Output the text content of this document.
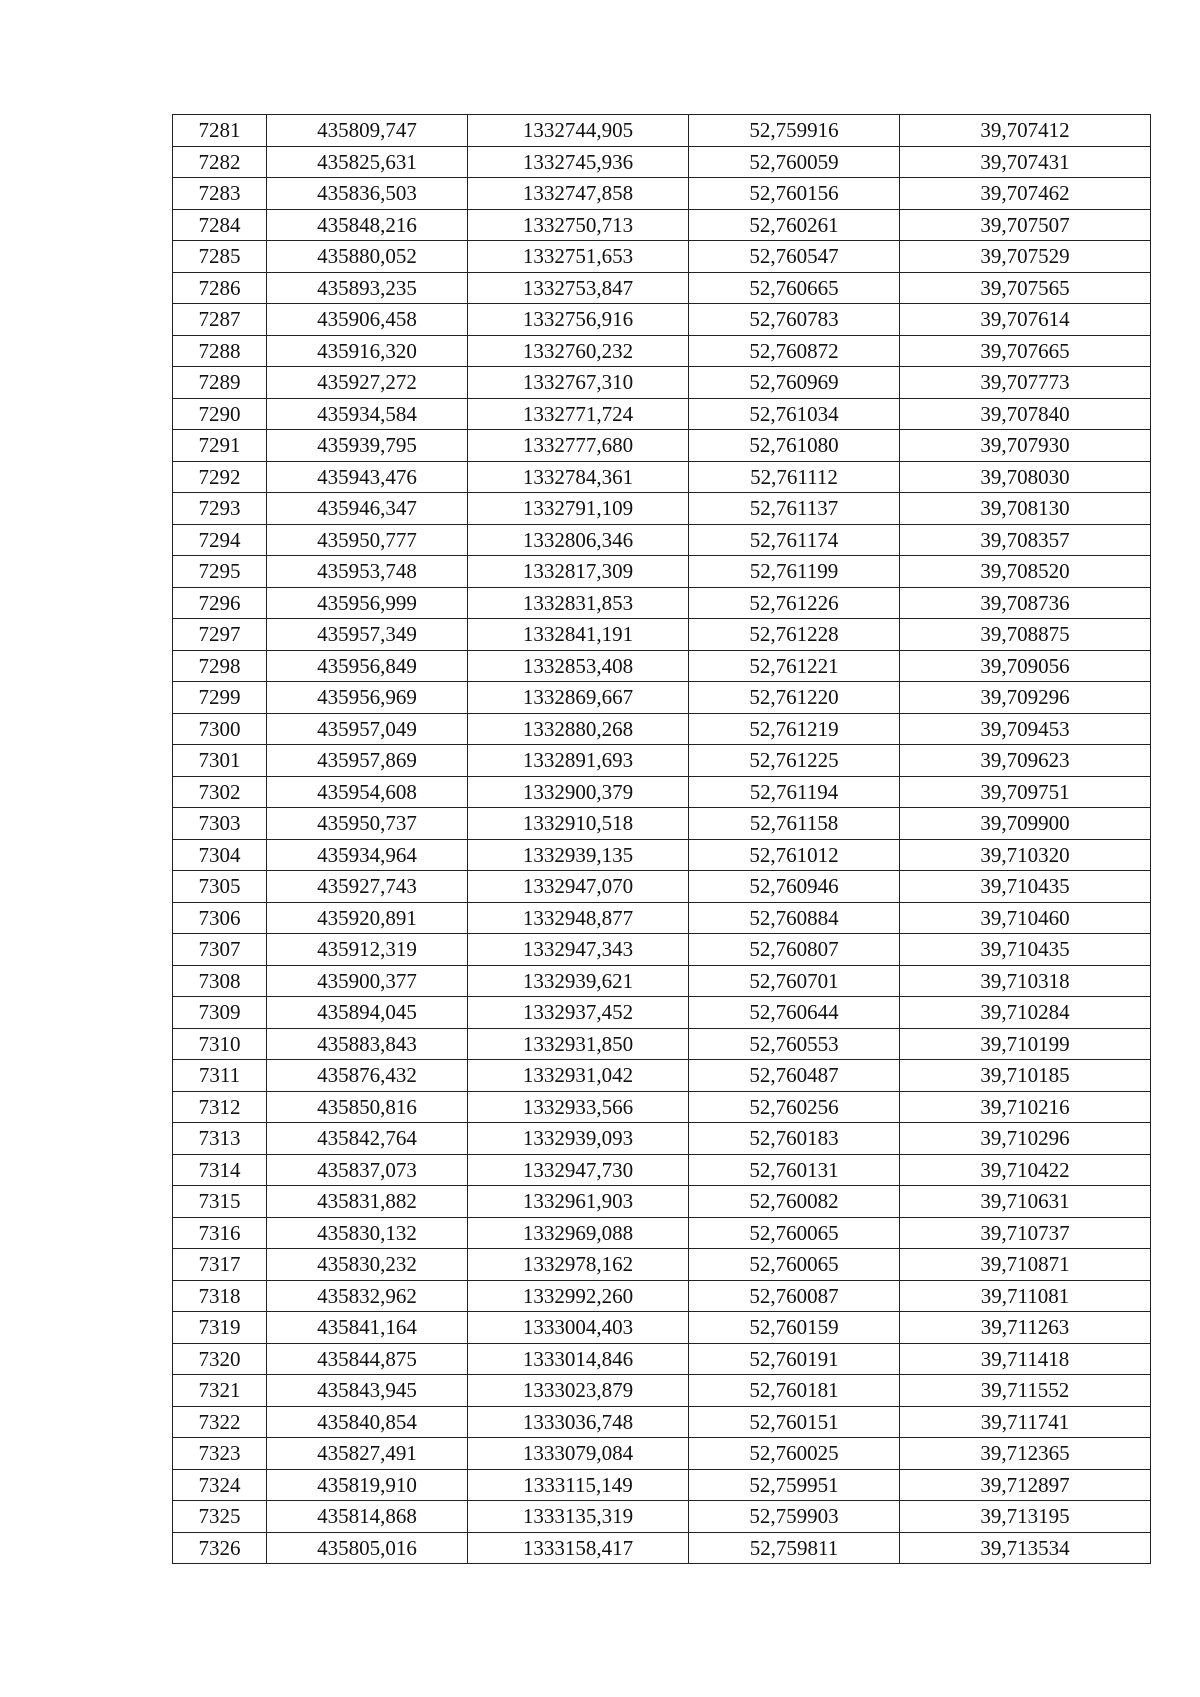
7281	435809,747	1332744,905	52,759916	39,707412
7282	435825,631	1332745,936	52,760059	39,707431
7283	435836,503	1332747,858	52,760156	39,707462
7284	435848,216	1332750,713	52,760261	39,707507
7285	435880,052	1332751,653	52,760547	39,707529
7286	435893,235	1332753,847	52,760665	39,707565
7287	435906,458	1332756,916	52,760783	39,707614
7288	435916,320	1332760,232	52,760872	39,707665
7289	435927,272	1332767,310	52,760969	39,707773
7290	435934,584	1332771,724	52,761034	39,707840
7291	435939,795	1332777,680	52,761080	39,707930
7292	435943,476	1332784,361	52,761112	39,708030
7293	435946,347	1332791,109	52,761137	39,708130
7294	435950,777	1332806,346	52,761174	39,708357
7295	435953,748	1332817,309	52,761199	39,708520
7296	435956,999	1332831,853	52,761226	39,708736
7297	435957,349	1332841,191	52,761228	39,708875
7298	435956,849	1332853,408	52,761221	39,709056
7299	435956,969	1332869,667	52,761220	39,709296
7300	435957,049	1332880,268	52,761219	39,709453
7301	435957,869	1332891,693	52,761225	39,709623
7302	435954,608	1332900,379	52,761194	39,709751
7303	435950,737	1332910,518	52,761158	39,709900
7304	435934,964	1332939,135	52,761012	39,710320
7305	435927,743	1332947,070	52,760946	39,710435
7306	435920,891	1332948,877	52,760884	39,710460
7307	435912,319	1332947,343	52,760807	39,710435
7308	435900,377	1332939,621	52,760701	39,710318
7309	435894,045	1332937,452	52,760644	39,710284
7310	435883,843	1332931,850	52,760553	39,710199
7311	435876,432	1332931,042	52,760487	39,710185
7312	435850,816	1332933,566	52,760256	39,710216
7313	435842,764	1332939,093	52,760183	39,710296
7314	435837,073	1332947,730	52,760131	39,710422
7315	435831,882	1332961,903	52,760082	39,710631
7316	435830,132	1332969,088	52,760065	39,710737
7317	435830,232	1332978,162	52,760065	39,710871
7318	435832,962	1332992,260	52,760087	39,711081
7319	435841,164	1333004,403	52,760159	39,711263
7320	435844,875	1333014,846	52,760191	39,711418
7321	435843,945	1333023,879	52,760181	39,711552
7322	435840,854	1333036,748	52,760151	39,711741
7323	435827,491	1333079,084	52,760025	39,712365
7324	435819,910	1333115,149	52,759951	39,712897
7325	435814,868	1333135,319	52,759903	39,713195
7326	435805,016	1333158,417	52,759811	39,713534
